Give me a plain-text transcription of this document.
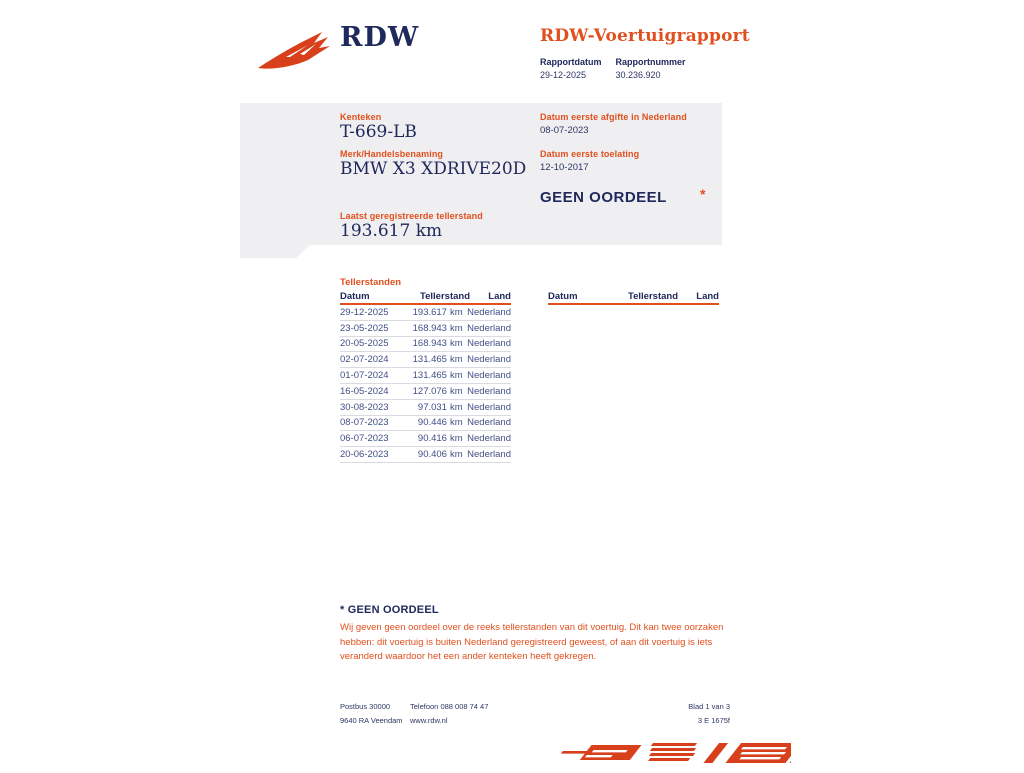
RDW	RDW-Voertuigrapport
Rapportdatum
29-12-2025
Rapportnummer
30.236.920
Kenteken
T-669-LB
Merk/Handelsbenaming
BMW X3 XDRIVE20D
Laatst geregistreerde tellerstand
193.617 km
Datum eerste afgifte in Nederland
08-07-2023
Datum eerste toelating
12-10-2017
GEEN OORDEEL *
Tellerstanden
Datum	Tellerstand	Land
29-12-2025	193.617 km Nederland
23-05-2025	168.943 km Nederland
20-05-2025	168.943 km Nederland
02-07-2024	131.465 km Nederland
01-07-2024	131.465 km Nederland
16-05-2024	127.076 km Nederland
30-08-2023	97.031 km Nederland
08-07-2023	90.446 km Nederland
06-07-2023	90.416 km Nederland
20-06-2023	90.406 km Nederland
Datum	Tellerstand	Land
* GEEN OORDEEL
Wij geven geen oordeel over de reeks tellerstanden van dit voertuig. Dit kan twee oorzaken hebben: dit voertuig is buiten Nederland geregistreerd geweest, of aan dit voertuig is iets veranderd waardoor het een ander kenteken heeft gekregen.
Postbus 30000
9640 RA Veendam
Telefoon 088 008 74 47
www.rdw.nl
Blad 1 van 3
3 E 1675f
